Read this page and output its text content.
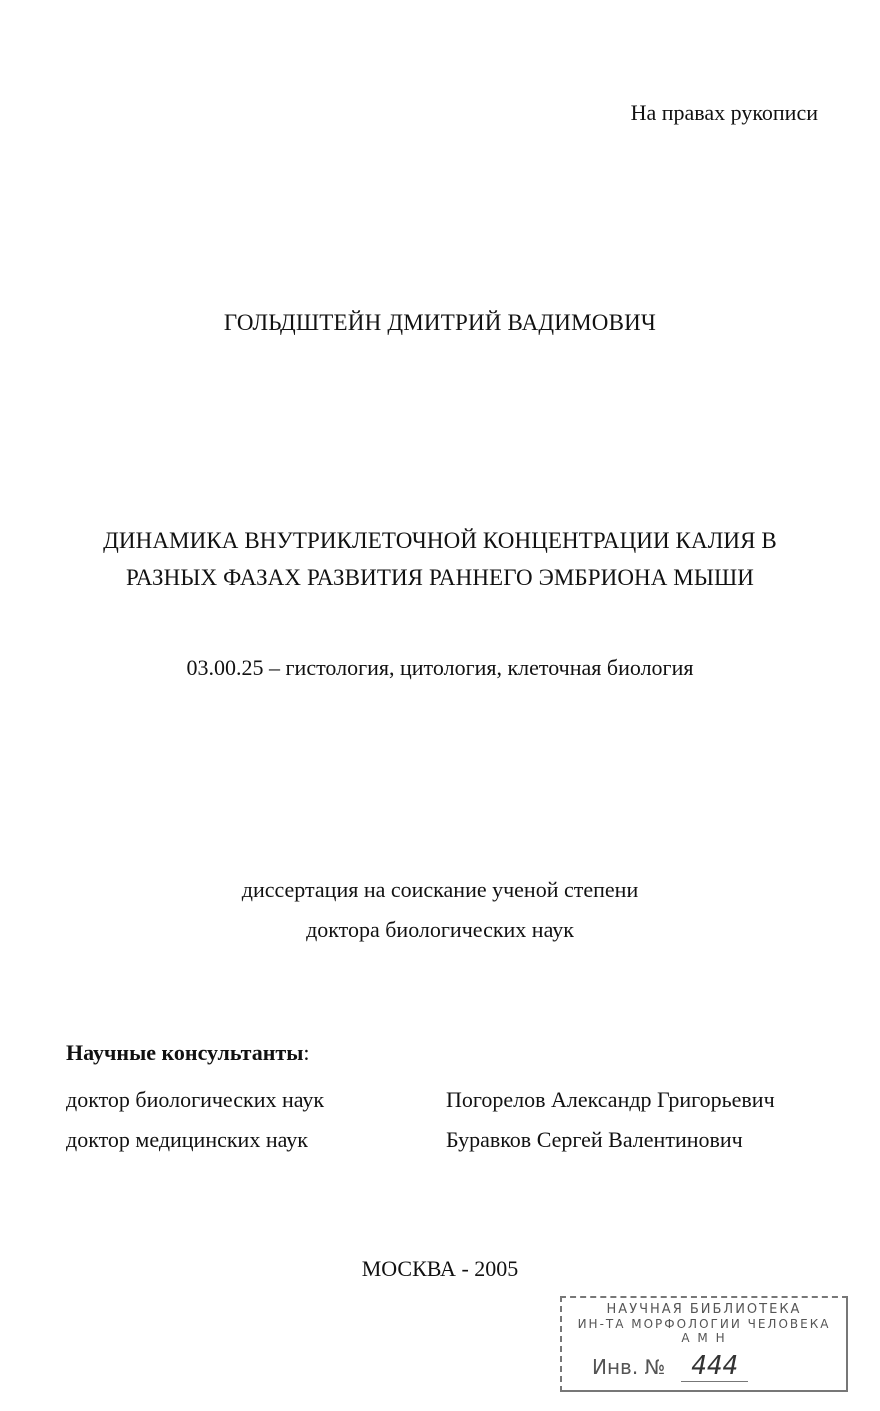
На правах рукописи
ГОЛЬДШТЕЙН ДМИТРИЙ ВАДИМОВИЧ
ДИНАМИКА ВНУТРИКЛЕТОЧНОЙ КОНЦЕНТРАЦИИ КАЛИЯ В
РАЗНЫХ ФАЗАХ РАЗВИТИЯ РАННЕГО ЭМБРИОНА МЫШИ
03.00.25 – гистология, цитология, клеточная биология
диссертация на соискание ученой степени
доктора биологических наук
Научные консультанты:
доктор биологических наук	Погорелов Александр Григорьевич
доктор медицинских наук	Буравков Сергей Валентинович
МОСКВА - 2005
НАУЧНАЯ БИБЛИОТЕКА
ИН-ТА МОРФОЛОГИИ ЧЕЛОВЕКА
А М Н
Инв. № 444
